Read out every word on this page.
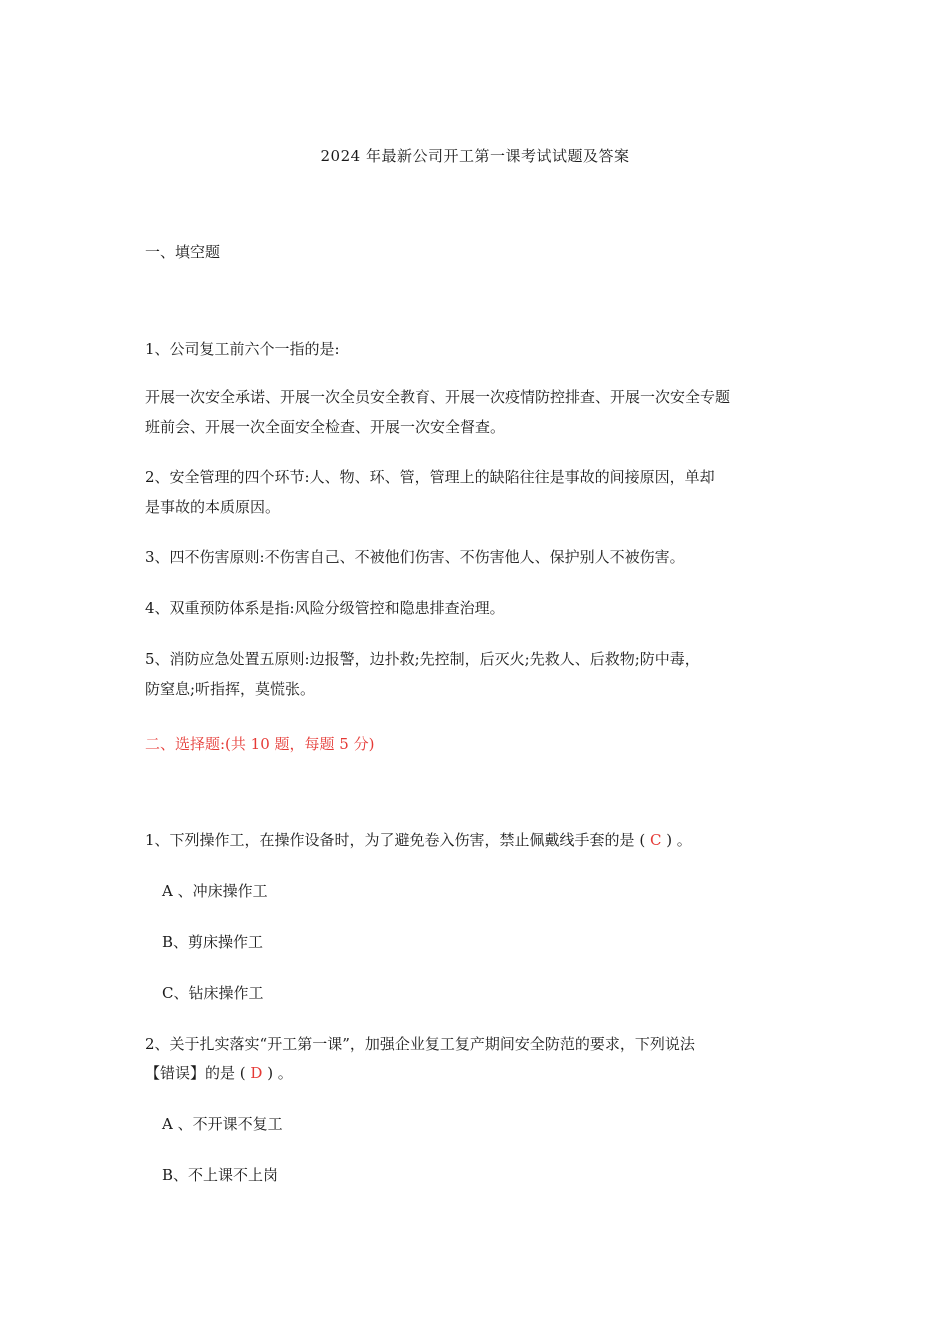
2024 年最新公司开工第一课考试试题及答案
一、填空题
1、公司复工前六个一指的是:
开展一次安全承诺、开展一次全员安全教育、开展一次疫情防控排查、开展一次安全专题
班前会、开展一次全面安全检查、开展一次安全督查。
2、安全管理的四个环节:人、物、环、管，管理上的缺陷往往是事故的间接原因，单却
是事故的本质原因。
3、四不伤害原则:不伤害自己、不被他们伤害、不伤害他人、保护别人不被伤害。
4、双重预防体系是指:风险分级管控和隐患排查治理。
5、消防应急处置五原则:边报警，边扑救;先控制，后灭火;先救人、后救物;防中毒，
防窒息;听指挥，莫慌张。
二、选择题:(共 10 题，每题 5 分)
1、下列操作工，在操作设备时，为了避免卷入伤害，禁止佩戴线手套的是 ( C ) 。
A 、冲床操作工
B、剪床操作工
C、钻床操作工
2、关于扎实落实“开工第一课”，加强企业复工复产期间安全防范的要求，下列说法
【错误】的是 ( D ) 。
A 、不开课不复工
B、不上课不上岗
